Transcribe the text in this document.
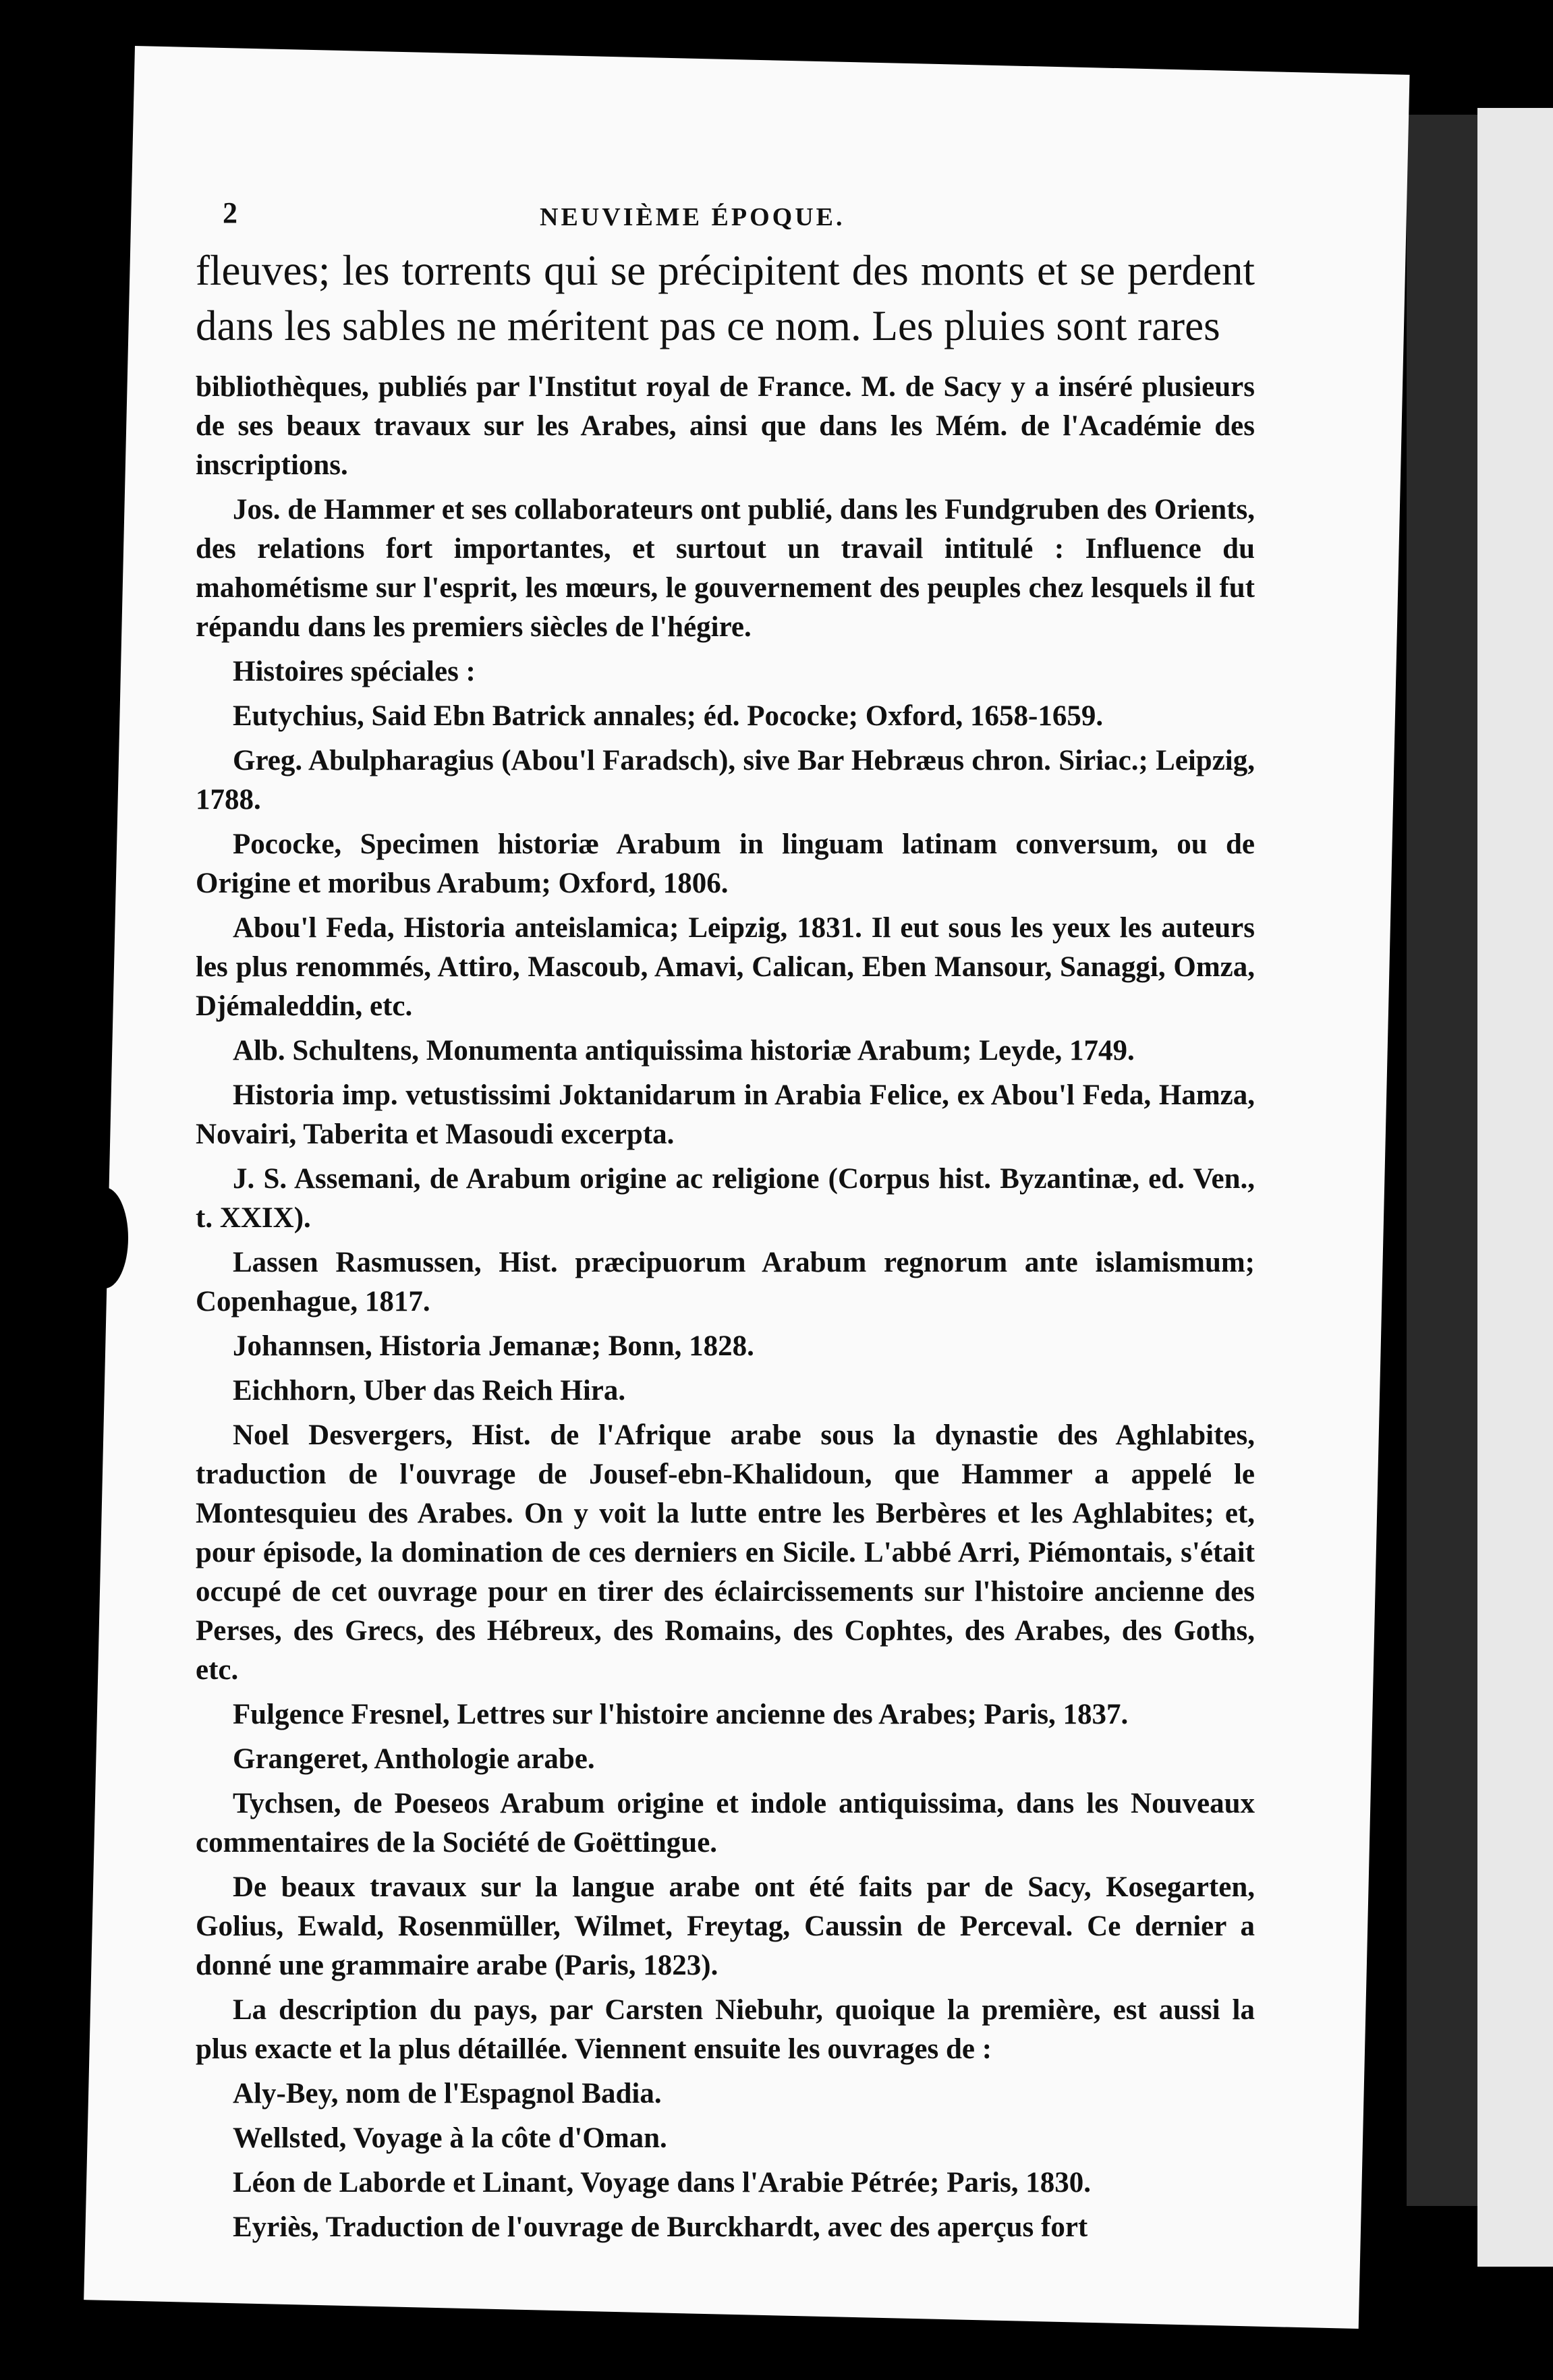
2	NEUVIÈME ÉPOQUE.
fleuves; les torrents qui se précipitent des monts et se perdent dans les sables ne méritent pas ce nom. Les pluies sont rares

bibliothèques, publiés par l'Institut royal de France. M. de Sacy y a inséré plusieurs de ses beaux travaux sur les Arabes, ainsi que dans les Mém. de l'Académie des inscriptions.

Jos. de Hammer et ses collaborateurs ont publié, dans les Fundgruben des Orients, des relations fort importantes, et surtout un travail intitulé : Influence du mahométisme sur l'esprit, les mœurs, le gouvernement des peuples chez lesquels il fut répandu dans les premiers siècles de l'hégire.

Histoires spéciales :

Eutychius, Said Ebn Batrick annales; éd. Pococke; Oxford, 1658-1659.

Greg. Abulpharagius (Abou'l Faradsch), sive Bar Hebræus chron. Siriac.; Leipzig, 1788.

Pococke, Specimen historiæ Arabum in linguam latinam conversum, ou de Origine et moribus Arabum; Oxford, 1806.

Abou'l Feda, Historia anteislamica; Leipzig, 1831. Il eut sous les yeux les auteurs les plus renommés, Attiro, Mascoub, Amavi, Calican, Eben Mansour, Sanaggi, Omza, Djémaleddin, etc.

Alb. Schultens, Monumenta antiquissima historiæ Arabum; Leyde, 1749.

Historia imp. vetustissimi Joktanidarum in Arabia Felice, ex Abou'l Feda, Hamza, Novairi, Taberita et Masoudi excerpta.

J. S. Assemani, de Arabum origine ac religione (Corpus hist. Byzantinæ, ed. Ven., t. XXIX).

Lassen Rasmussen, Hist. præcipuorum Arabum regnorum ante islamismum; Copenhague, 1817.

Johannsen, Historia Jemanæ; Bonn, 1828.

Eichhorn, Uber das Reich Hira.

Noel Desvergers, Hist. de l'Afrique arabe sous la dynastie des Aghlabites, traduction de l'ouvrage de Jousef-ebn-Khalidoun, que Hammer a appelé le Montesquieu des Arabes. On y voit la lutte entre les Berbères et les Aghlabites; et, pour épisode, la domination de ces derniers en Sicile. L'abbé Arri, Piémontais, s'était occupé de cet ouvrage pour en tirer des éclaircissements sur l'histoire ancienne des Perses, des Grecs, des Hébreux, des Romains, des Cophtes, des Arabes, des Goths, etc.

Fulgence Fresnel, Lettres sur l'histoire ancienne des Arabes; Paris, 1837.

Grangeret, Anthologie arabe.

Tychsen, de Poeseos Arabum origine et indole antiquissima, dans les Nouveaux commentaires de la Société de Goëttingue.

De beaux travaux sur la langue arabe ont été faits par de Sacy, Kosegarten, Golius, Ewald, Rosenmüller, Wilmet, Freytag, Caussin de Perceval. Ce dernier a donné une grammaire arabe (Paris, 1823).

La description du pays, par Carsten Niebuhr, quoique la première, est aussi la plus exacte et la plus détaillée. Viennent ensuite les ouvrages de :

Aly-Bey, nom de l'Espagnol Badia.

Wellsted, Voyage à la côte d'Oman.

Léon de Laborde et Linant, Voyage dans l'Arabie Pétrée; Paris, 1830.

Eyriès, Traduction de l'ouvrage de Burckhardt, avec des aperçus fort
